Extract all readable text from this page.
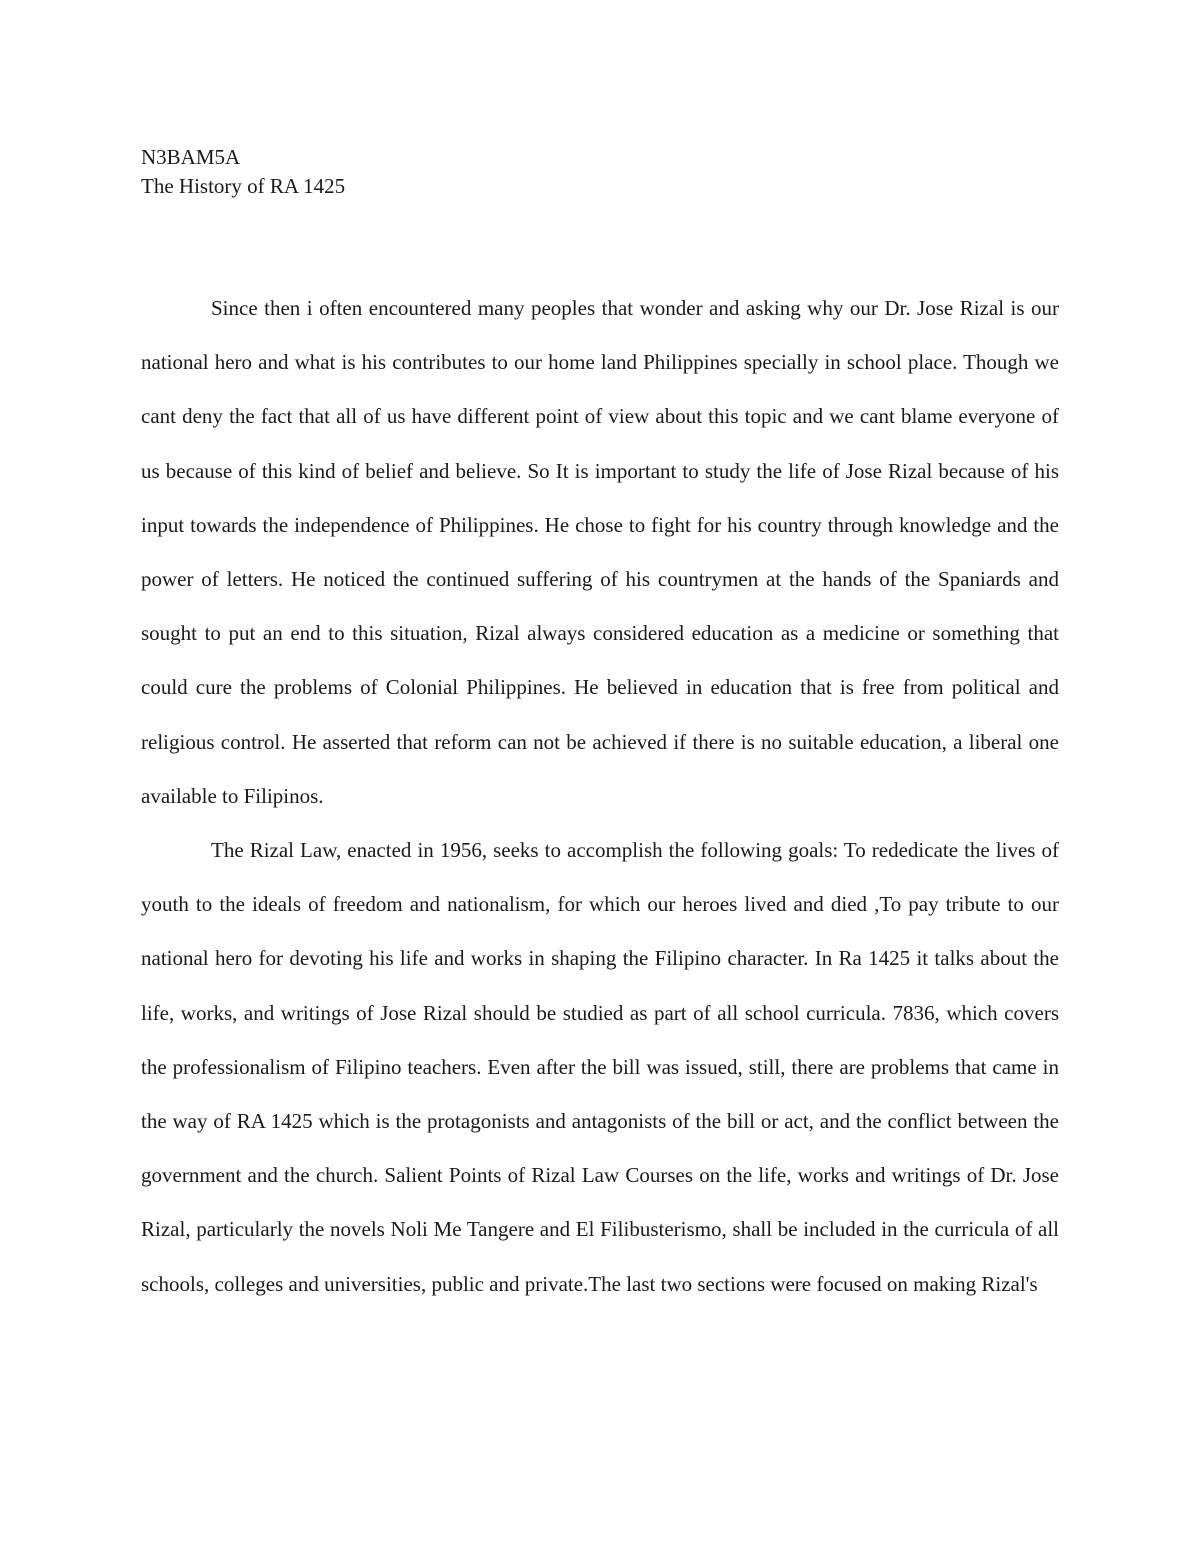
N3BAM5A
The History of RA 1425

Since then i often encountered many peoples that wonder and asking why our Dr. Jose Rizal is our national hero and what is his contributes to our home land Philippines specially in school place. Though we cant deny the fact that all of us have different point of view about this topic and we cant blame everyone of us because of this kind of belief and believe. So It is important to study the life of Jose Rizal because of his input towards the independence of Philippines. He chose to fight for his country through knowledge and the power of letters. He noticed the continued suffering of his countrymen at the hands of the Spaniards and sought to put an end to this situation, Rizal always considered education as a medicine or something that could cure the problems of Colonial Philippines. He believed in education that is free from political and religious control. He asserted that reform can not be achieved if there is no suitable education, a liberal one available to Filipinos.

The Rizal Law, enacted in 1956, seeks to accomplish the following goals: To rededicate the lives of youth to the ideals of freedom and nationalism, for which our heroes lived and died ,To pay tribute to our national hero for devoting his life and works in shaping the Filipino character. In Ra 1425 it talks about the life, works, and writings of Jose Rizal should be studied as part of all school curricula. 7836, which covers the professionalism of Filipino teachers. Even after the bill was issued, still, there are problems that came in the way of RA 1425 which is the protagonists and antagonists of the bill or act, and the conflict between the government and the church. Salient Points of Rizal Law Courses on the life, works and writings of Dr. Jose Rizal, particularly the novels Noli Me Tangere and El Filibusterismo, shall be included in the curricula of all schools, colleges and universities, public and private.The last two sections were focused on making Rizal's
